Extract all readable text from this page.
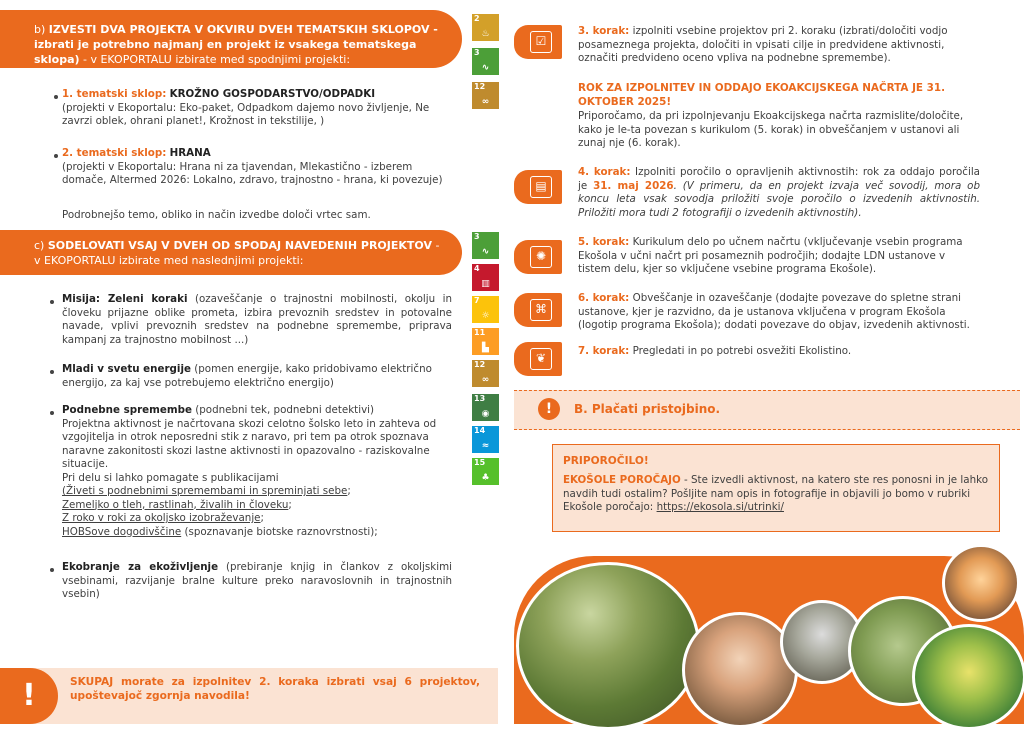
b) IZVESTI DVA PROJEKTA V OKVIRU DVEH TEMATSKIH SKLOPOV - izbrati je potrebno najmanj en projekt iz vsakega tematskega sklopa) - v EKOPORTALU izbirate med spodnjimi projekti:
1. tematski sklop: KROŽNO GOSPODARSTVO/ODPADKI
(projekti v Ekoportalu: Eko-paket, Odpadkom dajemo novo življenje, Ne zavrzi oblek, ohrani planet!, Krožnost in tekstilije, )
2. tematski sklop: HRANA
(projekti v Ekoportalu: Hrana ni za tjavendan, Mlekastično - izberem domače, Altermed 2026: Lokalno, zdravo, trajnostno - hrana, ki povezuje)
Podrobnejšo temo, obliko in način izvedbe določi vrtec sam.
c) SODELOVATI VSAJ V DVEH OD SPODAJ NAVEDENIH PROJEKTOV - v EKOPORTALU izbirate med naslednjimi projekti:
Misija: Zeleni koraki (ozaveščanje o trajnostni mobilnosti, okolju in človeku prijazne oblike prometa, izbira prevoznih sredstev in potovalne navade, vplivi prevoznih sredstev na podnebne spremembe, priprava kampanj za trajnostno mobilnost ...)
Mladi v svetu energije (pomen energije, kako pridobivamo električno energijo, za kaj vse potrebujemo električno energijo)
Podnebne spremembe (podnebni tek, podnebni detektivi)
Projektna aktivnost je načrtovana skozi celotno šolsko leto in zahteva od vzgojitelja in otrok neposredni stik z naravo, pri tem pa otrok spoznava naravne zakonitosti skozi lastne aktivnosti in opazovalno - raziskovalne situacije.
Pri delu si lahko pomagate s publikacijami
(Živeti s podnebnimi spremembami in spreminjati sebe;
Zemeljko o tleh, rastlinah, živalih in človeku;
Z roko v roki za okoljsko izobraževanje;
HOBSove dogodivščine (spoznavanje biotske raznovrstnosti);
Ekobranje za ekoživljenje (prebiranje knjig in člankov z okoljskimi vsebinami, razvijanje bralne kulture preko naravoslovnih in trajnostnih vsebin)
2
♨
3
∿
12
∞
3
∿
4
▥
7
☼
11
▙
12
∞
13
◉
14
≈
15
♣
!	SKUPAJ morate za izpolnitev 2. koraka izbrati vsaj 6 projektov, upoštevajoč zgornja navodila!
☑
3. korak: izpolniti vsebine projektov pri 2. koraku (izbrati/določiti vodjo posameznega projekta, določiti in vpisati cilje in predvidene aktivnosti, označiti predvideno oceno vpliva na podnebne spremembe).
ROK ZA IZPOLNITEV IN ODDAJO EKOAKCIJSKEGA NAČRTA JE 31. OKTOBER 2025!
Priporočamo, da pri izpolnjevanju Ekoakcijskega načrta razmislite/določite, kako je le-ta povezan s kurikulom (5. korak) in obveščanjem v ustanovi ali zunaj nje (6. korak).
▤
4. korak: Izpolniti poročilo o opravljenih aktivnostih: rok za oddajo poročila je 31. maj 2026. (V primeru, da en projekt izvaja več sovodij, mora ob koncu leta vsak sovodja priložiti svoje poročilo o izvedenih aktivnostih. Priložiti mora tudi 2 fotografiji o izvedenih aktivnostih).
✺
5. korak: Kurikulum delo po učnem načrtu (vključevanje vsebin programa Ekošola v učni načrt pri posameznih področjih; dodajte LDN ustanove v tistem delu, kjer so vključene vsebine programa Ekošole).
⌘
6. korak: Obveščanje in ozaveščanje (dodajte povezave do spletne strani ustanove, kjer je razvidno, da je ustanova vključena v program Ekošola (logotip programa Ekošola); dodati povezave do objav, izvedenih aktivnosti.
❦	7. korak: Pregledati in po potrebi osvežiti Ekolistino.
!	B. Plačati pristojbino.
PRIPOROČILO!
EKOŠOLE POROČAJO - Ste izvedli aktivnost, na katero ste res ponosni in je lahko navdih tudi ostalim? Pošljite nam opis in fotografije in objavili jo bomo v rubriki Ekošole poročajo: https://ekosola.si/utrinki/
